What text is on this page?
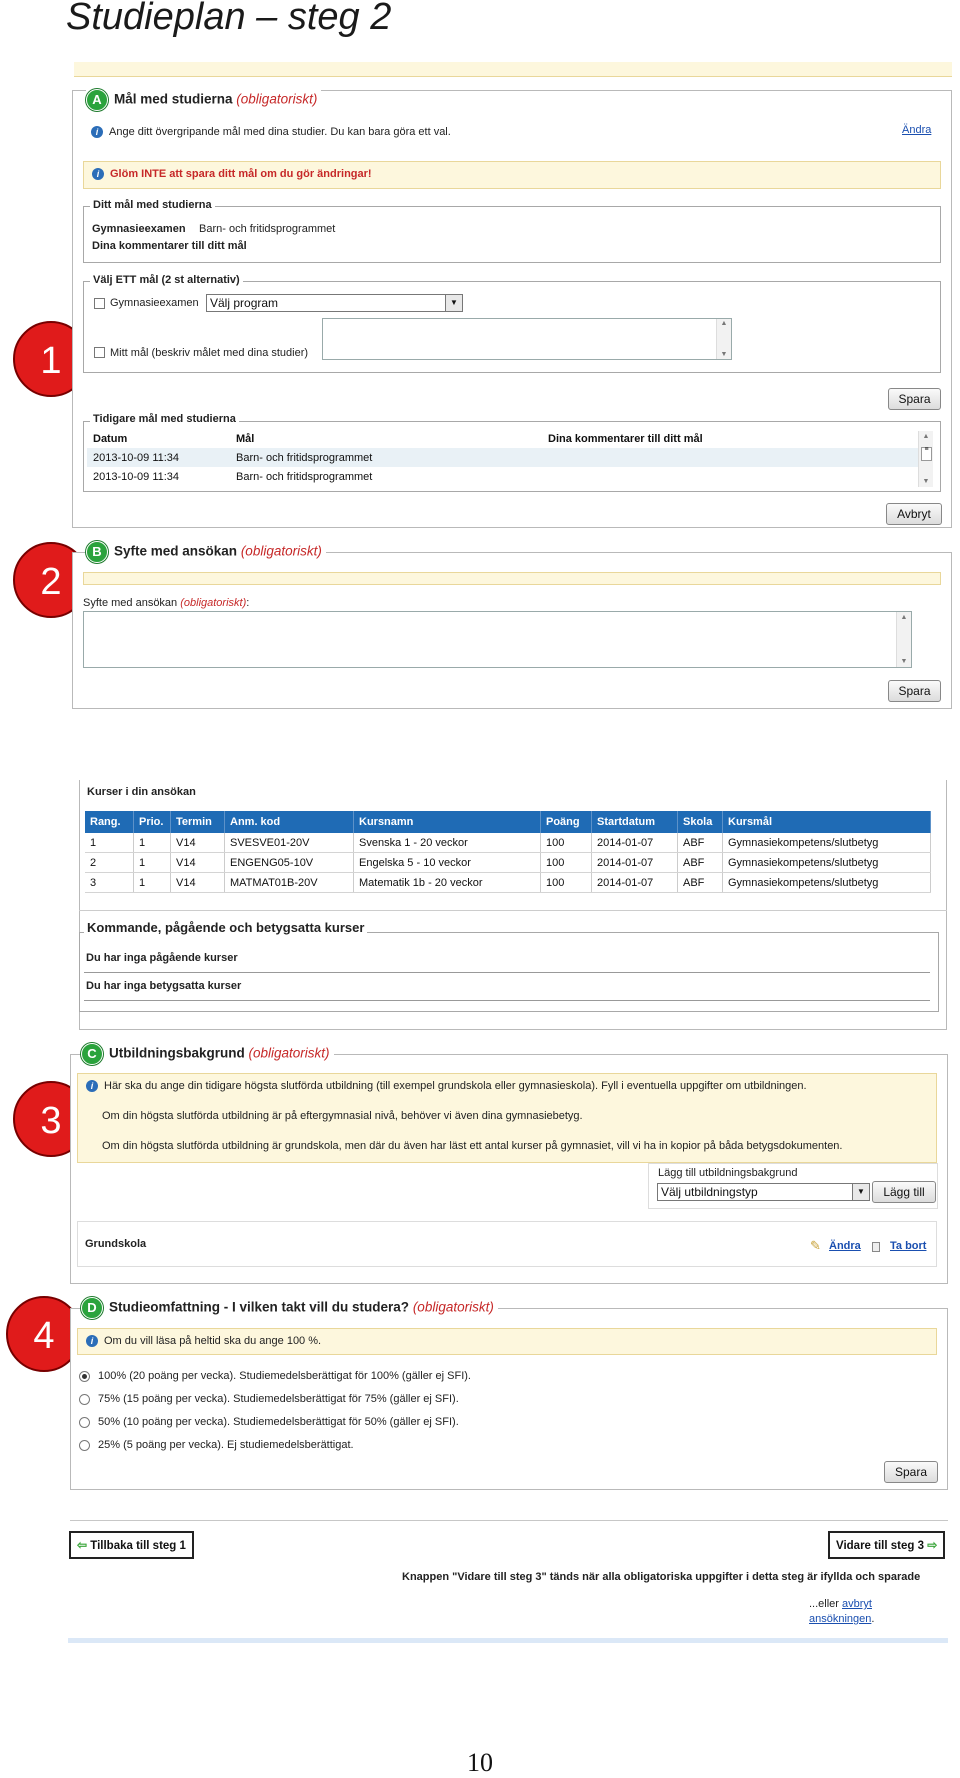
Studieplan – steg 2
1
2
3
4
A Mål med studierna (obligatoriskt)
i Ange ditt övergripande mål med dina studier. Du kan bara göra ett val.	Ändra
i Glöm INTE att spara ditt mål om du gör ändringar!
Ditt mål med studierna
Gymnasieexamen Barn- och fritidsprogrammet
Dina kommentarer till ditt mål
Välj ETT mål (2 st alternativ)
Gymnasieexamen Välj program	▼
Mitt mål (beskriv målet med dina studier)
▲
▼
Spara
Tidigare mål med studierna
Datum	Mål	Dina kommentarer till ditt mål
2013-10-09 11:34	Barn- och fritidsprogrammet	
2013-10-09 11:34	Barn- och fritidsprogrammet	
▲
≡
▼
Avbryt
B Syfte med ansökan (obligatoriskt)
Syfte med ansökan (obligatoriskt):
▲
▼
Spara
Kurser i din ansökan
Rang.	Prio.	Termin	Anm. kod	Kursnamn	Poäng	Startdatum	Skola	Kursmål
1	1	V14	SVESVE01-20V	Svenska 1 - 20 veckor	100	2014-01-07	ABF	Gymnasiekompetens/slutbetyg
2	1	V14	ENGENG05-10V	Engelska 5 - 10 veckor	100	2014-01-07	ABF	Gymnasiekompetens/slutbetyg
3	1	V14	MATMAT01B-20V	Matematik 1b - 20 veckor	100	2014-01-07	ABF	Gymnasiekompetens/slutbetyg
Kommande, pågående och betygsatta kurser
Du har inga pågående kurser
Du har inga betygsatta kurser
C Utbildningsbakgrund (obligatoriskt)
i Här ska du ange din tidigare högsta slutförda utbildning (till exempel grundskola eller gymnasieskola). Fyll i eventuella uppgifter om utbildningen.
Om din högsta slutförda utbildning är på eftergymnasial nivå, behöver vi även dina gymnasiebetyg.
Om din högsta slutförda utbildning är grundskola, men där du även har läst ett antal kurser på gymnasiet, vill vi ha in kopior på båda betygsdokumenten.
Lägg till utbildningsbakgrund
Välj utbildningstyp	▼	Lägg till
Grundskola	✎ Ändra	Ta bort
D Studieomfattning - I vilken takt vill du studera? (obligatoriskt)
i Om du vill läsa på heltid ska du ange 100 %.
100% (20 poäng per vecka). Studiemedelsberättigat för 100% (gäller ej SFI).
75% (15 poäng per vecka). Studiemedelsberättigat för 75% (gäller ej SFI).
50% (10 poäng per vecka). Studiemedelsberättigat för 50% (gäller ej SFI).
25% (5 poäng per vecka). Ej studiemedelsberättigat.
Spara
⇦ Tillbaka till steg 1	Vidare till steg 3 ⇨
Knappen "Vidare till steg 3" tänds när alla obligatoriska uppgifter i detta steg är ifyllda och sparade
...eller avbryt
ansökningen.
10
